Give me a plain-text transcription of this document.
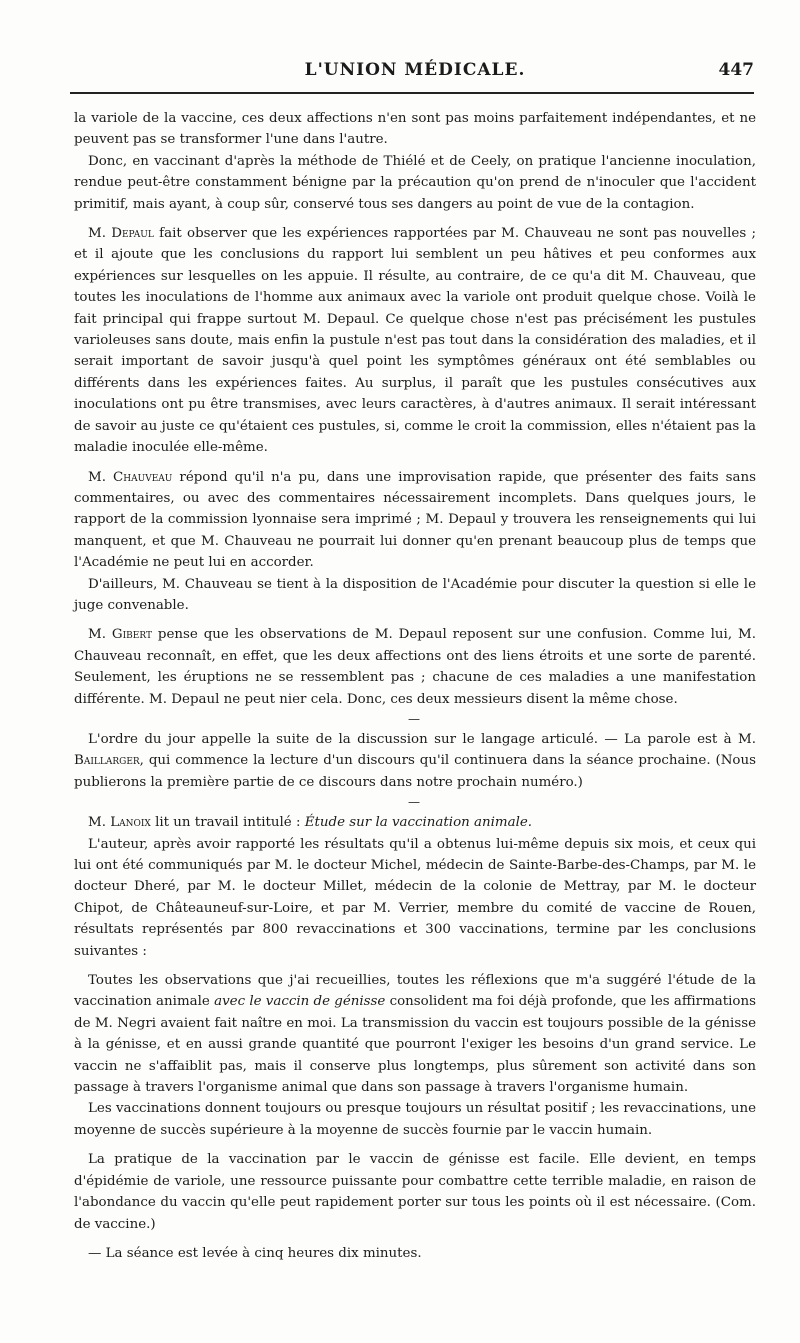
L'UNION MÉDICALE.	447

la variole de la vaccine, ces deux affections n'en sont pas moins parfaitement indépendantes, et ne peuvent pas se transformer l'une dans l'autre.

Donc, en vaccinant d'après la méthode de Thiélé et de Ceely, on pratique l'ancienne inoculation, rendue peut-être constamment bénigne par la précaution qu'on prend de n'inoculer que l'accident primitif, mais ayant, à coup sûr, conservé tous ses dangers au point de vue de la contagion.

M. Depaul fait observer que les expériences rapportées par M. Chauveau ne sont pas nouvelles ; et il ajoute que les conclusions du rapport lui semblent un peu hâtives et peu conformes aux expériences sur lesquelles on les appuie. Il résulte, au contraire, de ce qu'a dit M. Chauveau, que toutes les inoculations de l'homme aux animaux avec la variole ont produit quelque chose. Voilà le fait principal qui frappe surtout M. Depaul. Ce quelque chose n'est pas précisément les pustules varioleuses sans doute, mais enfin la pustule n'est pas tout dans la considération des maladies, et il serait important de savoir jusqu'à quel point les symptômes généraux ont été semblables ou différents dans les expériences faites. Au surplus, il paraît que les pustules consécutives aux inoculations ont pu être transmises, avec leurs caractères, à d'autres animaux. Il serait intéressant de savoir au juste ce qu'étaient ces pustules, si, comme le croit la commission, elles n'étaient pas la maladie inoculée elle-même.

M. Chauveau répond qu'il n'a pu, dans une improvisation rapide, que présenter des faits sans commentaires, ou avec des commentaires nécessairement incomplets. Dans quelques jours, le rapport de la commission lyonnaise sera imprimé ; M. Depaul y trouvera les renseignements qui lui manquent, et que M. Chauveau ne pourrait lui donner qu'en prenant beaucoup plus de temps que l'Académie ne peut lui en accorder.

D'ailleurs, M. Chauveau se tient à la disposition de l'Académie pour discuter la question si elle le juge convenable.

M. Gibert pense que les observations de M. Depaul reposent sur une confusion. Comme lui, M. Chauveau reconnaît, en effet, que les deux affections ont des liens étroits et une sorte de parenté. Seulement, les éruptions ne se ressemblent pas ; chacune de ces maladies a une manifestation différente. M. Depaul ne peut nier cela. Donc, ces deux messieurs disent la même chose.

—

L'ordre du jour appelle la suite de la discussion sur le langage articulé. — La parole est à M. Baillarger, qui commence la lecture d'un discours qu'il continuera dans la séance prochaine. (Nous publierons la première partie de ce discours dans notre prochain numéro.)

—

M. Lanoix lit un travail intitulé : Étude sur la vaccination animale.

L'auteur, après avoir rapporté les résultats qu'il a obtenus lui-même depuis six mois, et ceux qui lui ont été communiqués par M. le docteur Michel, médecin de Sainte-Barbe-des-Champs, par M. le docteur Dheré, par M. le docteur Millet, médecin de la colonie de Mettray, par M. le docteur Chipot, de Châteauneuf-sur-Loire, et par M. Verrier, membre du comité de vaccine de Rouen, résultats représentés par 800 revaccinations et 300 vaccinations, termine par les conclusions suivantes :

Toutes les observations que j'ai recueillies, toutes les réflexions que m'a suggéré l'étude de la vaccination animale avec le vaccin de génisse consolident ma foi déjà profonde, que les affirmations de M. Negri avaient fait naître en moi. La transmission du vaccin est toujours possible de la génisse à la génisse, et en aussi grande quantité que pourront l'exiger les besoins d'un grand service. Le vaccin ne s'affaiblit pas, mais il conserve plus longtemps, plus sûrement son activité dans son passage à travers l'organisme animal que dans son passage à travers l'organisme humain.

Les vaccinations donnent toujours ou presque toujours un résultat positif ; les revaccinations, une moyenne de succès supérieure à la moyenne de succès fournie par le vaccin humain.

La pratique de la vaccination par le vaccin de génisse est facile. Elle devient, en temps d'épidémie de variole, une ressource puissante pour combattre cette terrible maladie, en raison de l'abondance du vaccin qu'elle peut rapidement porter sur tous les points où il est nécessaire. (Com. de vaccine.)

— La séance est levée à cinq heures dix minutes.
